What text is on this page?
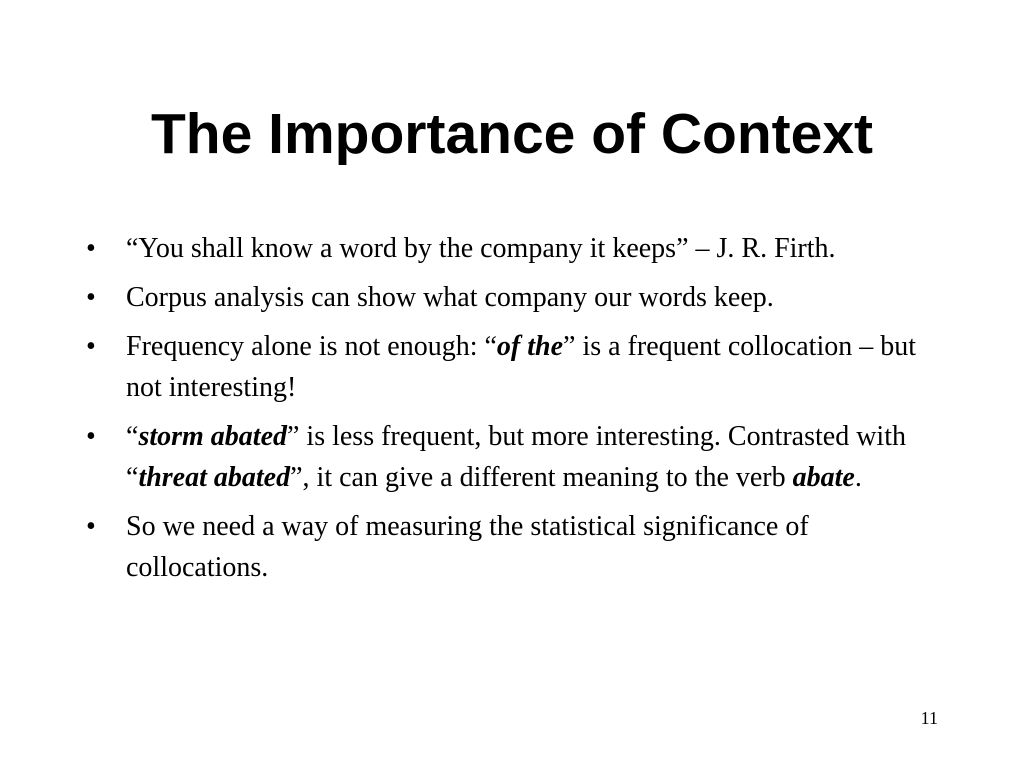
The Importance of Context
• “You shall know a word by the company it keeps” – J. R. Firth.
• Corpus analysis can show what company our words keep.
• Frequency alone is not enough: “of the” is a frequent collocation – but not interesting!
• “storm abated” is less frequent, but more interesting. Contrasted with “threat abated”, it can give a different meaning to the verb abate.
• So we need a way of measuring the statistical significance of collocations.
11
